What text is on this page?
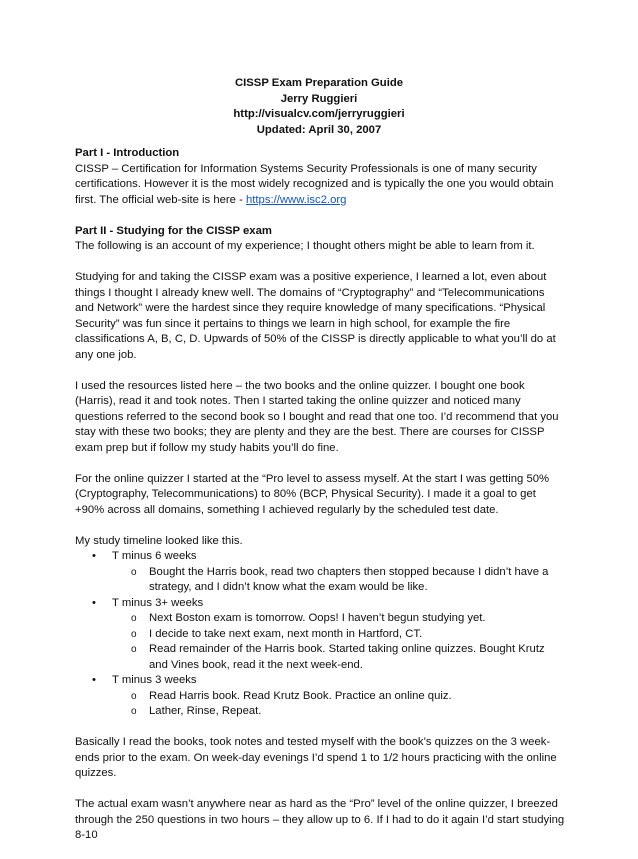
CISSP Exam Preparation Guide
Jerry Ruggieri
http://visualcv.com/jerryruggieri
Updated: April 30, 2007

Part I - Introduction
CISSP – Certification for Information Systems Security Professionals is one of many security certifications. However it is the most widely recognized and is typically the one you would obtain first. The official web-site is here - https://www.isc2.org

Part II - Studying for the CISSP exam
The following is an account of my experience; I thought others might be able to learn from it.

Studying for and taking the CISSP exam was a positive experience, I learned a lot, even about things I thought I already knew well. The domains of “Cryptography” and “Telecommunications and Network” were the hardest since they require knowledge of many specifications. “Physical Security” was fun since it pertains to things we learn in high school, for example the fire classifications A, B, C, D. Upwards of 50% of the CISSP is directly applicable to what you’ll do at any one job.

I used the resources listed here – the two books and the online quizzer. I bought one book (Harris), read it and took notes. Then I started taking the online quizzer and noticed many questions referred to the second book so I bought and read that one too. I’d recommend that you stay with these two books; they are plenty and they are the best. There are courses for CISSP exam prep but if follow my study habits you’ll do fine.

For the online quizzer I started at the “Pro level to assess myself. At the start I was getting 50% (Cryptography, Telecommunications) to 80% (BCP, Physical Security). I made it a goal to get +90% across all domains, something I achieved regularly by the scheduled test date.

My study timeline looked like this.
• T minus 6 weeks
o Bought the Harris book, read two chapters then stopped because I didn’t have a strategy, and I didn’t know what the exam would be like.
• T minus 3+ weeks
o Next Boston exam is tomorrow. Oops! I haven’t begun studying yet.
o I decide to take next exam, next month in Hartford, CT.
o Read remainder of the Harris book. Started taking online quizzes. Bought Krutz and Vines book, read it the next week-end.
• T minus 3 weeks
o Read Harris book. Read Krutz Book. Practice an online quiz.
o Lather, Rinse, Repeat.

Basically I read the books, took notes and tested myself with the book’s quizzes on the 3 week-ends prior to the exam. On week-day evenings I’d spend 1 to 1/2 hours practicing with the online quizzes.

The actual exam wasn’t anywhere near as hard as the “Pro” level of the online quizzer, I breezed through the 250 questions in two hours – they allow up to 6. If I had to do it again I’d start studying 8-10
